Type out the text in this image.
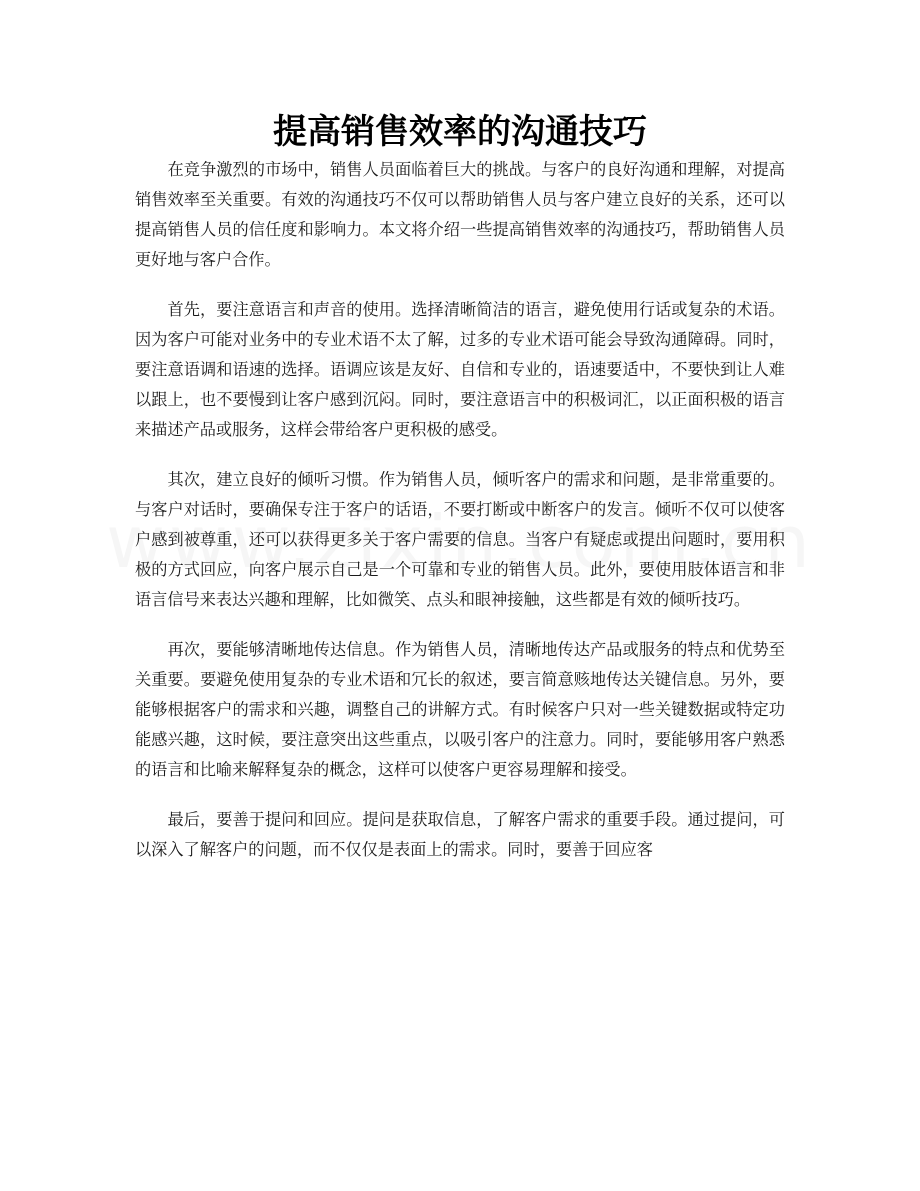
提高销售效率的沟通技巧

在竞争激烈的市场中，销售人员面临着巨大的挑战。与客户的良好沟通和理解，对提高销售效率至关重要。有效的沟通技巧不仅可以帮助销售人员与客户建立良好的关系，还可以提高销售人员的信任度和影响力。本文将介绍一些提高销售效率的沟通技巧，帮助销售人员更好地与客户合作。

首先，要注意语言和声音的使用。选择清晰简洁的语言，避免使用行话或复杂的术语。因为客户可能对业务中的专业术语不太了解，过多的专业术语可能会导致沟通障碍。同时，要注意语调和语速的选择。语调应该是友好、自信和专业的，语速要适中，不要快到让人难以跟上，也不要慢到让客户感到沉闷。同时，要注意语言中的积极词汇，以正面积极的语言来描述产品或服务，这样会带给客户更积极的感受。

其次，建立良好的倾听习惯。作为销售人员，倾听客户的需求和问题，是非常重要的。与客户对话时，要确保专注于客户的话语，不要打断或中断客户的发言。倾听不仅可以使客户感到被尊重，还可以获得更多关于客户需要的信息。当客户有疑虑或提出问题时，要用积极的方式回应，向客户展示自己是一个可靠和专业的销售人员。此外，要使用肢体语言和非语言信号来表达兴趣和理解，比如微笑、点头和眼神接触，这些都是有效的倾听技巧。

再次，要能够清晰地传达信息。作为销售人员，清晰地传达产品或服务的特点和优势至关重要。要避免使用复杂的专业术语和冗长的叙述，要言简意赅地传达关键信息。另外，要能够根据客户的需求和兴趣，调整自己的讲解方式。有时候客户只对一些关键数据或特定功能感兴趣，这时候，要注意突出这些重点，以吸引客户的注意力。同时，要能够用客户熟悉的语言和比喻来解释复杂的概念，这样可以使客户更容易理解和接受。

最后，要善于提问和回应。提问是获取信息，了解客户需求的重要手段。通过提问，可以深入了解客户的问题，而不仅仅是表面上的需求。同时，要善于回应客
